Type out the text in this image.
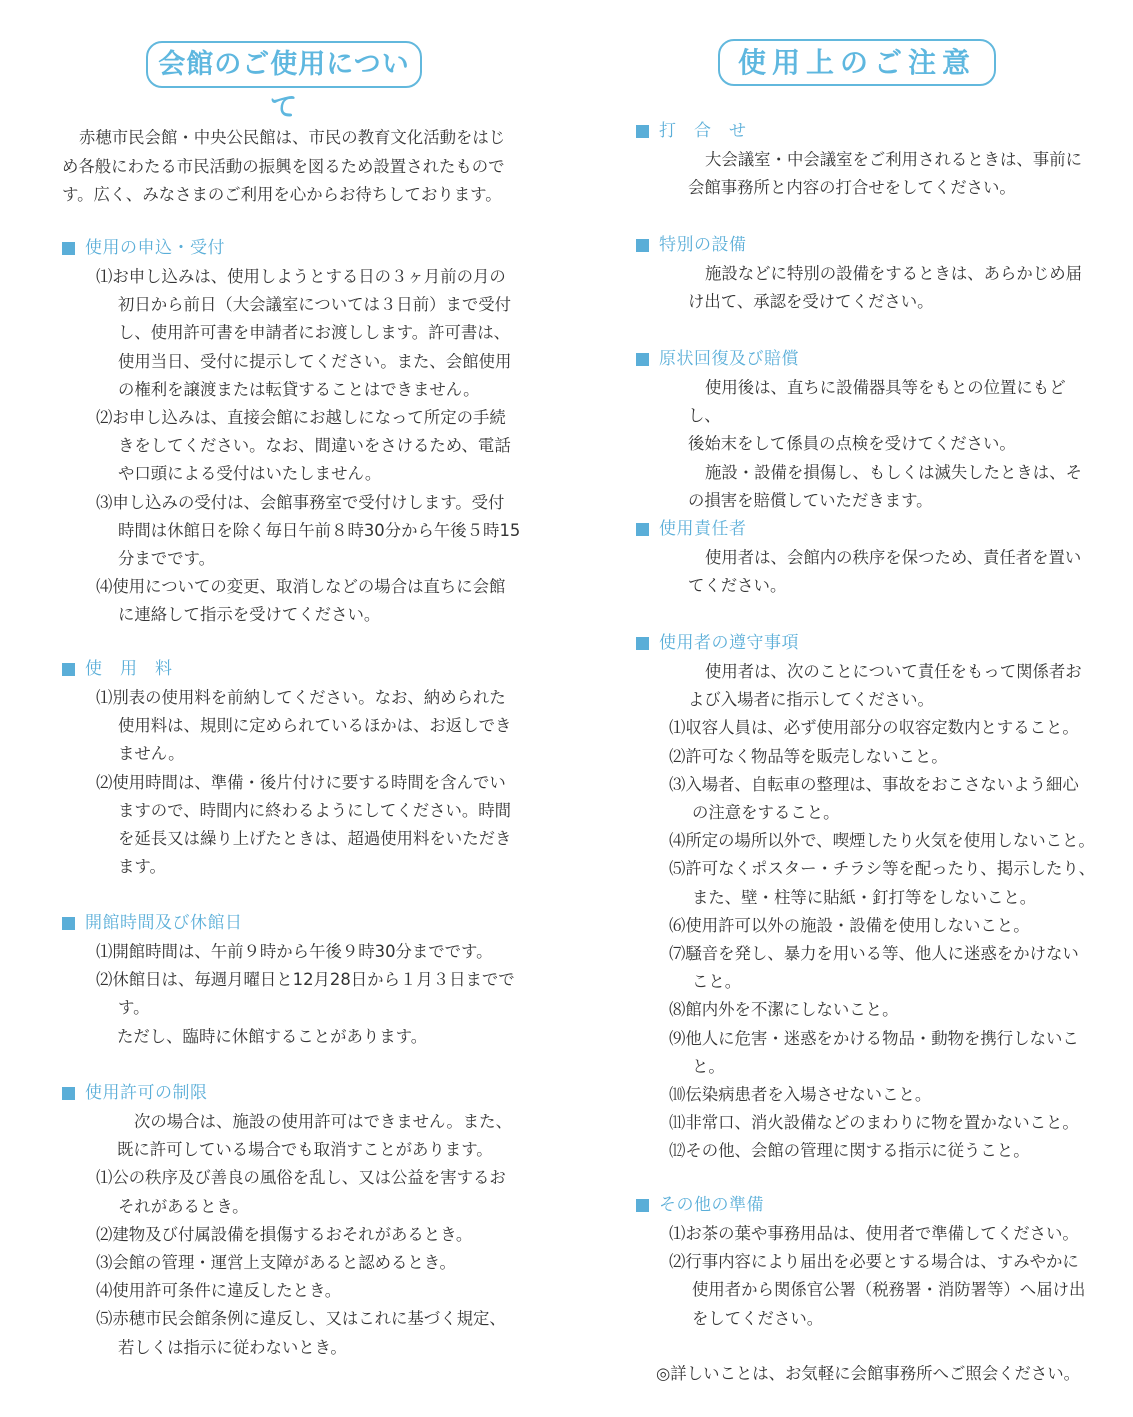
会館のご使用について

赤穂市民会館・中央公民館は、市民の教育文化活動をはじ

め各般にわたる市民活動の振興を図るため設置されたもので

す。広く、みなさまのご利用を心からお待ちしております。

使用の申込・受付
⑴お申し込みは、使用しようとする日の３ヶ月前の月の
初日から前日（大会議室については３日前）まで受付
し、使用許可書を申請者にお渡しします。許可書は、
使用当日、受付に提示してください。また、会館使用
の権利を譲渡または転貸することはできません。
⑵お申し込みは、直接会館にお越しになって所定の手続
きをしてください。なお、間違いをさけるため、電話
や口頭による受付はいたしません。
⑶申し込みの受付は、会館事務室で受付けします。受付
時間は休館日を除く毎日午前８時30分から午後５時15
分までです。
⑷使用についての変更、取消しなどの場合は直ちに会館
に連絡して指示を受けてください。
使　用　料
⑴別表の使用料を前納してください。なお、納められた
使用料は、規則に定められているほかは、お返しでき
ません。
⑵使用時間は、準備・後片付けに要する時間を含んでい
ますので、時間内に終わるようにしてください。時間
を延長又は繰り上げたときは、超過使用料をいただき
ます。
開館時間及び休館日
⑴開館時間は、午前９時から午後９時30分までです。
⑵休館日は、毎週月曜日と12月28日から１月３日までで
す。
ただし、臨時に休館することがあります。
使用許可の制限
次の場合は、施設の使用許可はできません。また、
既に許可している場合でも取消すことがあります。
⑴公の秩序及び善良の風俗を乱し、又は公益を害するお
それがあるとき。
⑵建物及び付属設備を損傷するおそれがあるとき。
⑶会館の管理・運営上支障があると認めるとき。
⑷使用許可条件に違反したとき。
⑸赤穂市民会館条例に違反し、又はこれに基づく規定、
若しくは指示に従わないとき。
使用上のご注意
打　合　せ
大会議室・中会議室をご利用されるときは、事前に
会館事務所と内容の打合せをしてください。
特別の設備
施設などに特別の設備をするときは、あらかじめ届
け出て、承認を受けてください。
原状回復及び賠償
使用後は、直ちに設備器具等をもとの位置にもどし、
後始末をして係員の点検を受けてください。
施設・設備を損傷し、もしくは滅失したときは、そ
の損害を賠償していただきます。
使用責任者
使用者は、会館内の秩序を保つため、責任者を置い
てください。
使用者の遵守事項
使用者は、次のことについて責任をもって関係者お
よび入場者に指示してください。
⑴収容人員は、必ず使用部分の収容定数内とすること。
⑵許可なく物品等を販売しないこと。
⑶入場者、自転車の整理は、事故をおこさないよう細心
の注意をすること。
⑷所定の場所以外で、喫煙したり火気を使用しないこと。
⑸許可なくポスター・チラシ等を配ったり、掲示したり、
また、壁・柱等に貼紙・釘打等をしないこと。
⑹使用許可以外の施設・設備を使用しないこと。
⑺騒音を発し、暴力を用いる等、他人に迷惑をかけない
こと。
⑻館内外を不潔にしないこと。
⑼他人に危害・迷惑をかける物品・動物を携行しないこ
と。
⑽伝染病患者を入場させないこと。
⑾非常口、消火設備などのまわりに物を置かないこと。
⑿その他、会館の管理に関する指示に従うこと。
その他の準備
⑴お茶の葉や事務用品は、使用者で準備してください。
⑵行事内容により届出を必要とする場合は、すみやかに
使用者から関係官公署（税務署・消防署等）へ届け出
をしてください。
◎詳しいことは、お気軽に会館事務所へご照会ください。
